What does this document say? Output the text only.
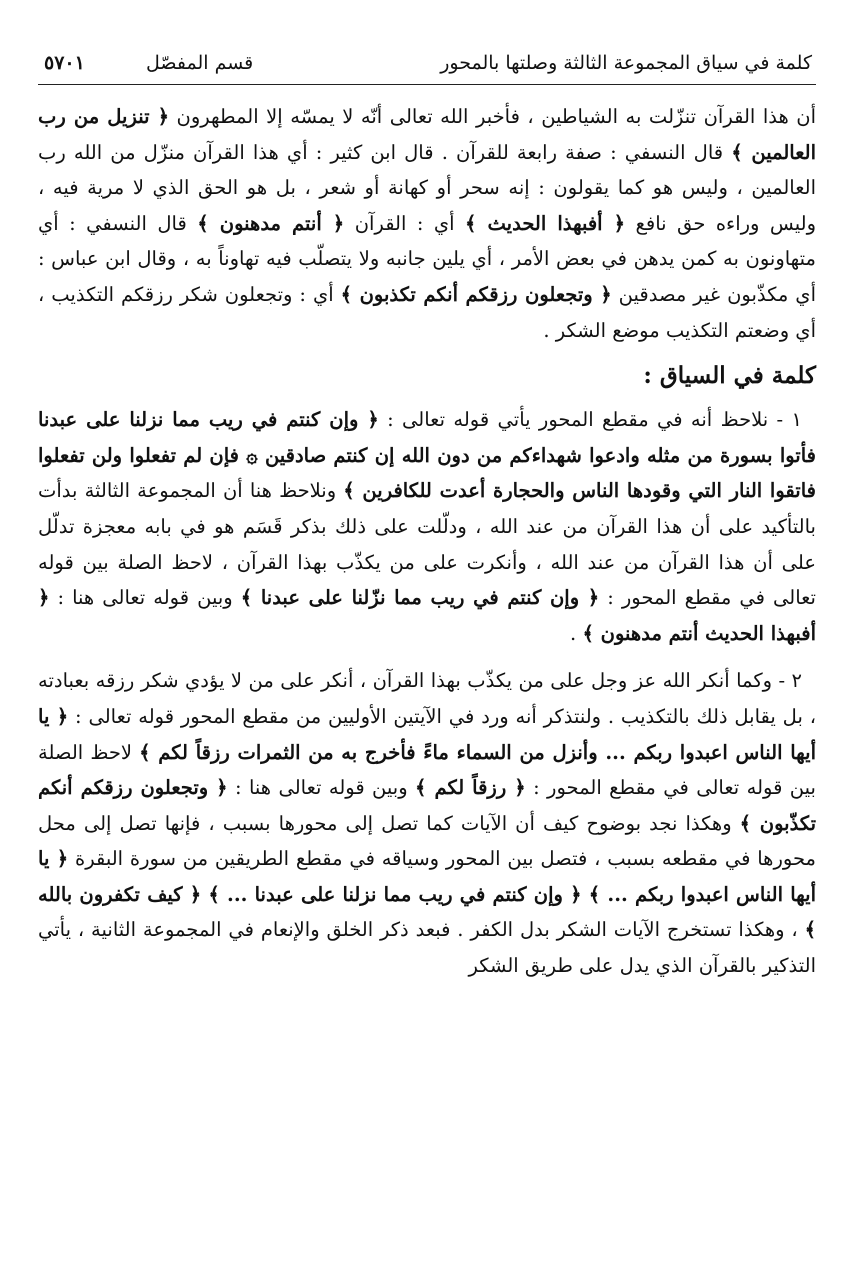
كلمة في سياق المجموعة الثالثة وصلتها بالمحور
قسم المفصّل
٥٧٠١

أن هذا القرآن تنزّلت به الشياطين ، فأخبر الله تعالى أنّه لا يمسّه إلا المطهرون ﴿ تنزيل من رب العالمين ﴾ قال النسفي : صفة رابعة للقرآن . قال ابن كثير : أي هذا القرآن منزّل من الله رب العالمين ، وليس هو كما يقولون : إنه سحر أو كهانة أو شعر ، بل هو الحق الذي لا مرية فيه ، وليس وراءه حق نافع ﴿ أفبهذا الحديث ﴾ أي : القرآن ﴿ أنتم مدهنون ﴾ قال النسفي : أي متهاونون به كمن يدهن في بعض الأمر ، أي يلين جانبه ولا يتصلّب فيه تهاوناً به ، وقال ابن عباس : أي مكذّبون غير مصدقين ﴿ وتجعلون رزقكم أنكم تكذبون ﴾ أي : وتجعلون شكر رزقكم التكذيب ، أي وضعتم التكذيب موضع الشكر .

كلمة في السياق :

١ - نلاحظ أنه في مقطع المحور يأتي قوله تعالى : ﴿ وإن كنتم في ريب مما نزلنا على عبدنا فأتوا بسورة من مثله وادعوا شهداءكم من دون الله إن كنتم صادقين ۞ فإن لم تفعلوا ولن تفعلوا فاتقوا النار التي وقودها الناس والحجارة أعدت للكافرين ﴾ ونلاحظ هنا أن المجموعة الثالثة بدأت بالتأكيد على أن هذا القرآن من عند الله ، ودلّلت على ذلك بذكر قَسَم هو في بابه معجزة تدلّل على أن هذا القرآن من عند الله ، وأنكرت على من يكذّب بهذا القرآن ، لاحظ الصلة بين قوله تعالى في مقطع المحور : ﴿ وإن كنتم في ريب مما نزّلنا على عبدنا ﴾ وبين قوله تعالى هنا : ﴿ أفبهذا الحديث أنتم مدهنون ﴾ .

٢ - وكما أنكر الله عز وجل على من يكذّب بهذا القرآن ، أنكر على من لا يؤدي شكر رزقه بعبادته ، بل يقابل ذلك بالتكذيب . ولنتذكر أنه ورد في الآيتين الأوليين من مقطع المحور قوله تعالى : ﴿ يا أيها الناس اعبدوا ربكم ... وأنزل من السماء ماءً فأخرج به من الثمرات رزقاً لكم ﴾ لاحظ الصلة بين قوله تعالى في مقطع المحور : ﴿ رزقاً لكم ﴾ وبين قوله تعالى هنا : ﴿ وتجعلون رزقكم أنكم تكذّبون ﴾ وهكذا نجد بوضوح كيف أن الآيات كما تصل إلى محورها بسبب ، فإنها تصل إلى محل محورها في مقطعه بسبب ، فتصل بين المحور وسياقه في مقطع الطريقين من سورة البقرة ﴿ يا أيها الناس اعبدوا ربكم ... ﴾ ﴿ وإن كنتم في ريب مما نزلنا على عبدنا ... ﴾ ﴿ كيف تكفرون بالله ﴾ ، وهكذا تستخرج الآيات الشكر بدل الكفر . فبعد ذكر الخلق والإنعام في المجموعة الثانية ، يأتي التذكير بالقرآن الذي يدل على طريق الشكر
